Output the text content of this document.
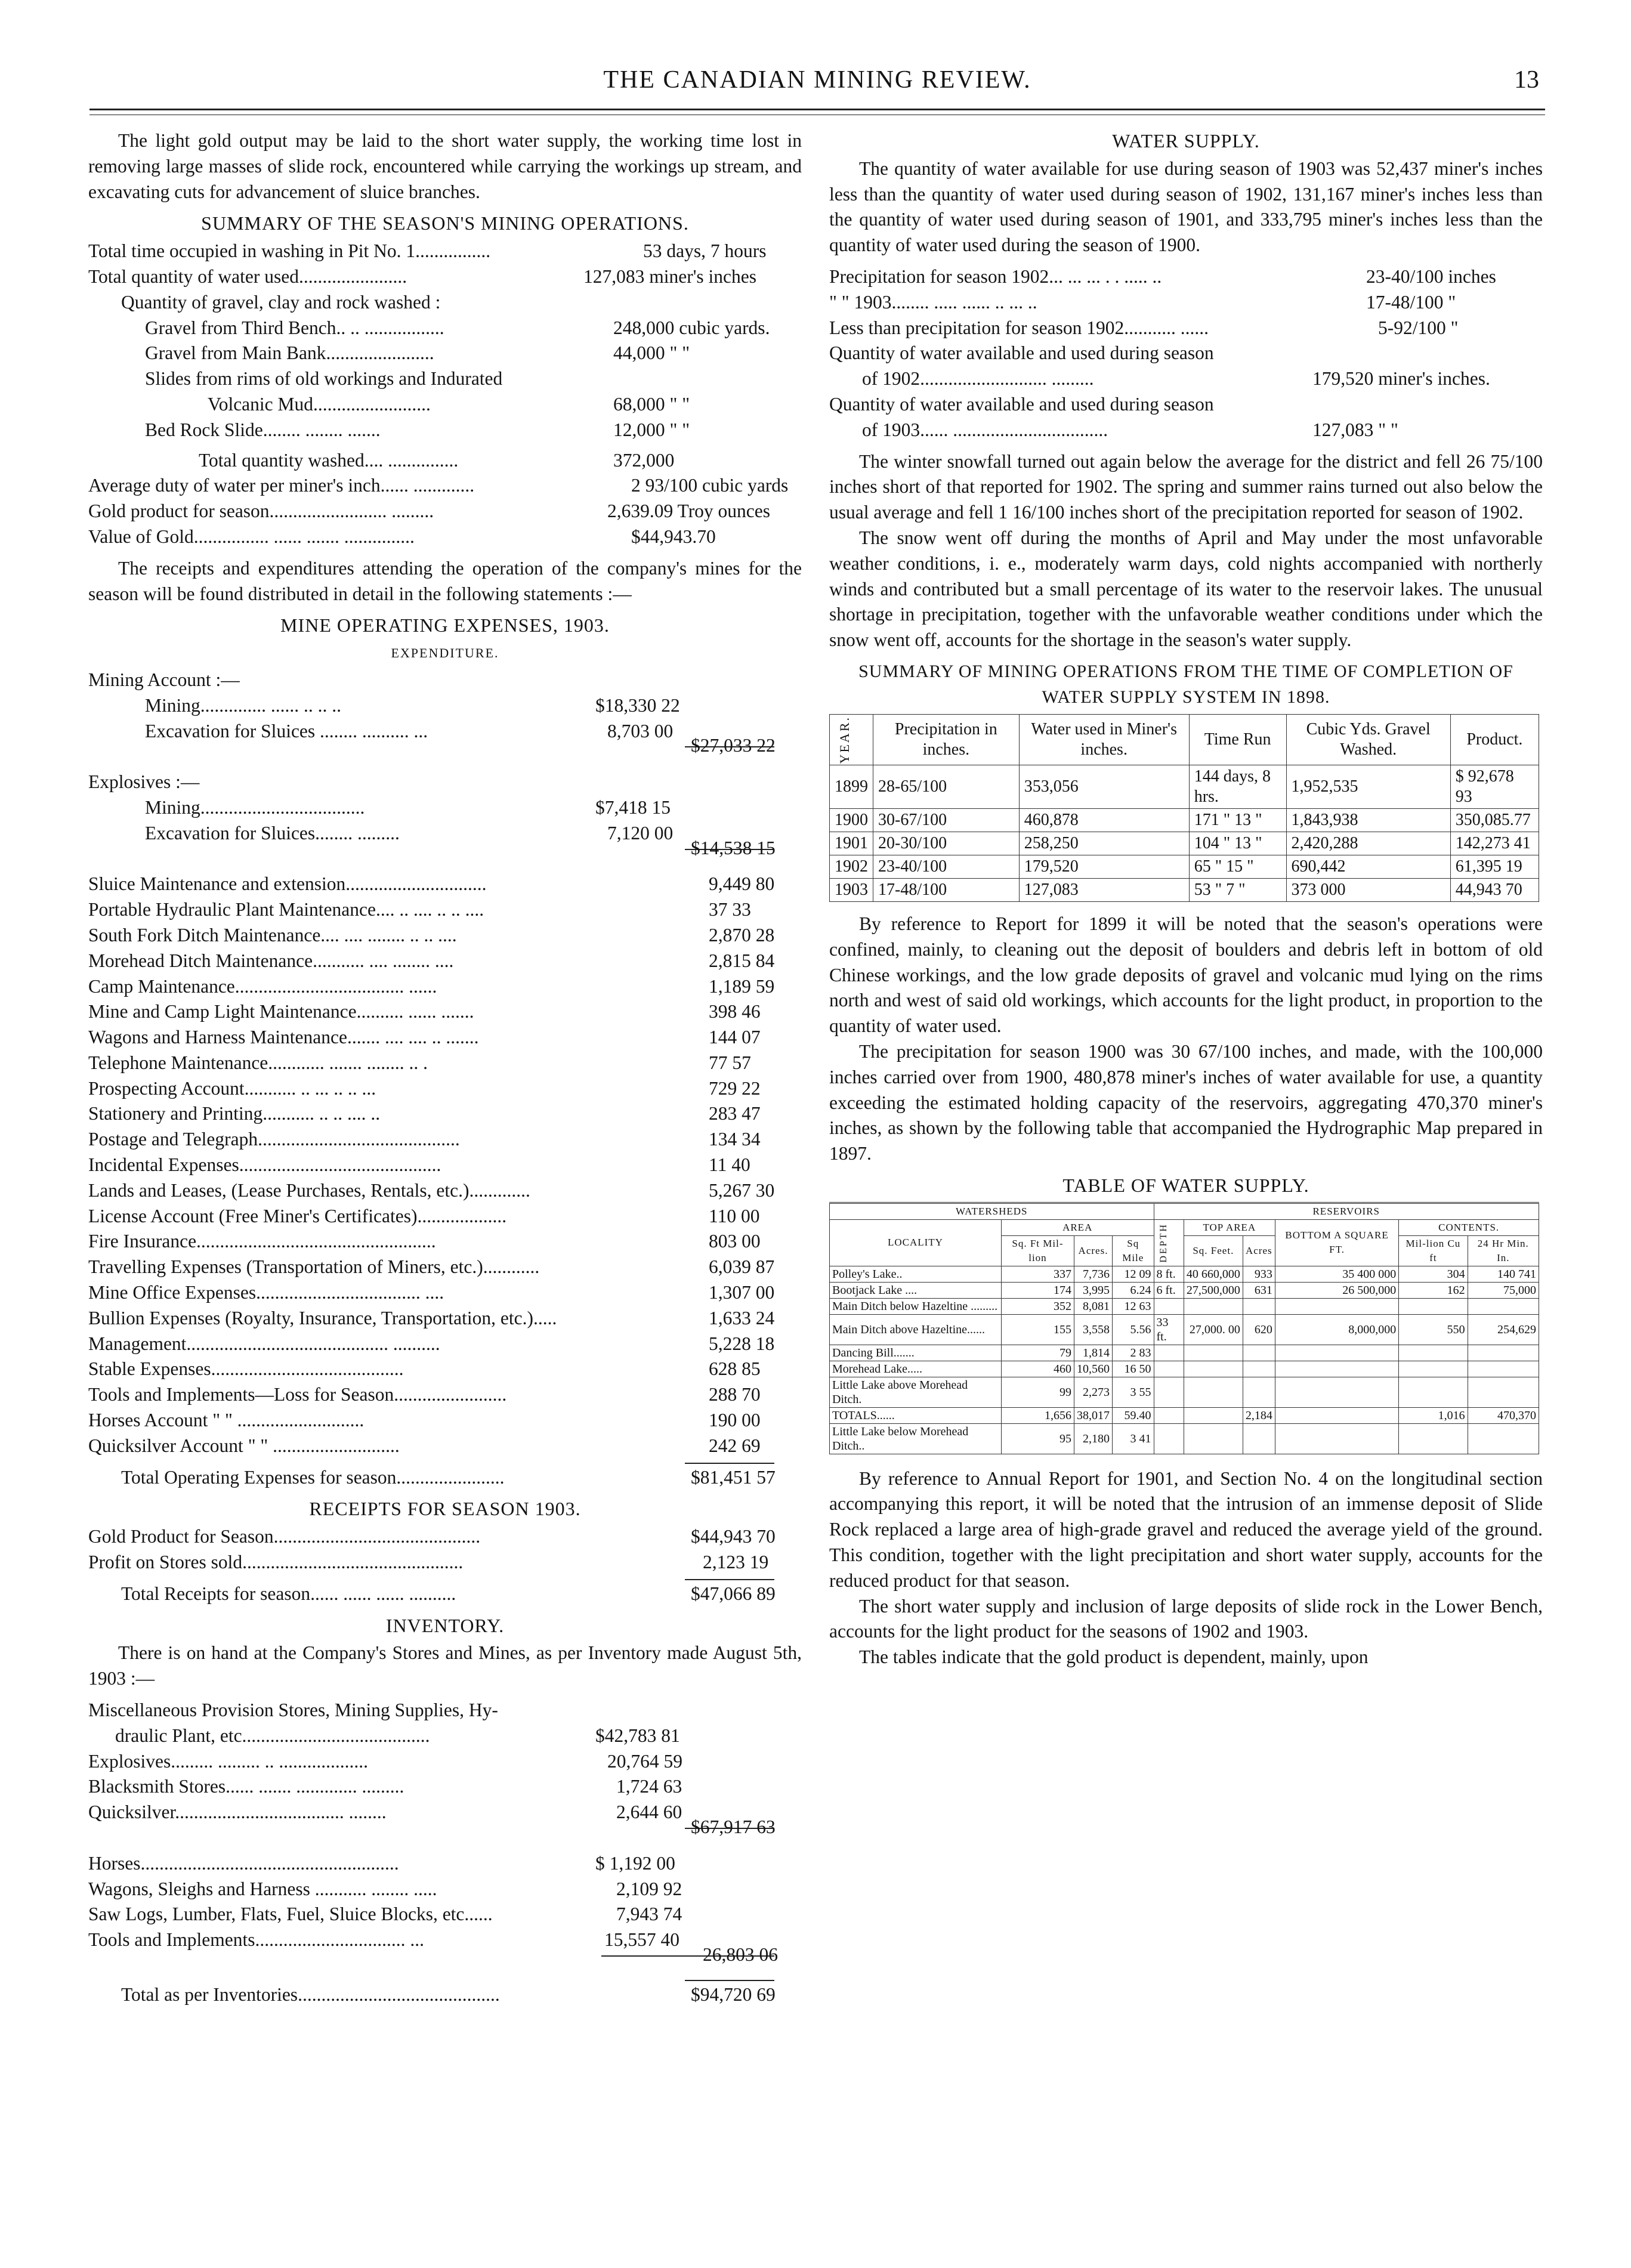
THE CANADIAN MINING REVIEW.	13

The light gold output may be laid to the short water supply, the working time lost in removing large masses of slide rock, encountered while carrying the workings up stream, and excavating cuts for advancement of sluice branches.

SUMMARY OF THE SEASON'S MINING OPERATIONS.
Total time occupied in washing in Pit No. 1................	53 days, 7 hours
Total quantity of water used.......................	127,083 miner's inches
Quantity of gravel, clay and rock washed :
Gravel from Third Bench.. .. .................	248,000 cubic yards.
Gravel from Main Bank.......................	44,000 " "
Slides from rims of old workings and Indurated
Volcanic Mud.........................	68,000 " "
Bed Rock Slide........ ........ .......	12,000 " "
Total quantity washed.... ...............	372,000
Average duty of water per miner's inch...... .............	2 93/100 cubic yards
Gold product for season......................... .........	2,639.09 Troy ounces
Value of Gold................ ...... ....... ...............	$44,943.70

The receipts and expenditures attending the operation of the company's mines for the season will be found distributed in detail in the following statements :—

MINE OPERATING EXPENSES, 1903.
EXPENDITURE.
Mining Account :—
Mining.............. ...... .. .. ..	$18,330 22
Excavation for Sluices ........ .......... ...	8,703 00
$27,033 22
Explosives :—
Mining...................................	$7,418 15
Excavation for Sluices........ .........	7,120 00
$14,538 15
Sluice Maintenance and extension..............................	9,449 80
Portable Hydraulic Plant Maintenance.... .. .... .. .. ....	37 33
South Fork Ditch Maintenance.... .... ........ .. .. ....	2,870 28
Morehead Ditch Maintenance........... .... ........ ....	2,815 84
Camp Maintenance.................................... ......	1,189 59
Mine and Camp Light Maintenance.......... ...... .......	398 46
Wagons and Harness Maintenance....... .... .... .. .......	144 07
Telephone Maintenance............ ....... ........ .. .	77 57
Prospecting Account........... .. ... .. .. ...	729 22
Stationery and Printing........... .. .. .... ..	283 47
Postage and Telegraph...........................................	134 34
Incidental Expenses...........................................	11 40
Lands and Leases, (Lease Purchases, Rentals, etc.).............	5,267 30
License Account (Free Miner's Certificates)...................	110 00
Fire Insurance...................................................	803 00
Travelling Expenses (Transportation of Miners, etc.)............	6,039 87
Mine Office Expenses................................... ....	1,307 00
Bullion Expenses (Royalty, Insurance, Transportation, etc.).....	1,633 24
Management........................................... ..........	5,228 18
Stable Expenses.........................................	628 85
Tools and Implements—Loss for Season........................	288 70
Horses Account " " ...........................	190 00
Quicksilver Account " " ...........................	242 69
Total Operating Expenses for season.......................	$81,451 57
RECEIPTS FOR SEASON 1903.
Gold Product for Season............................................	$44,943 70
Profit on Stores sold...............................................	2,123 19
Total Receipts for season...... ...... ...... ..........	$47,066 89
INVENTORY.

There is on hand at the Company's Stores and Mines, as per Inventory made August 5th, 1903 :—

Miscellaneous Provision Stores, Mining Supplies, Hy-
draulic Plant, etc........................................	$42,783 81
Explosives......... ......... .. ...................	20,764 59
Blacksmith Stores...... ....... ............. .........	1,724 63
Quicksilver.................................... ........	2,644 60
$67,917 63
Horses.......................................................	$ 1,192 00
Wagons, Sleighs and Harness ........... ........ .....	2,109 92
Saw Logs, Lumber, Flats, Fuel, Sluice Blocks, etc......	7,943 74
Tools and Implements................................ ...	15,557 40
26,803 06
Total as per Inventories...........................................	$94,720 69
WATER SUPPLY.

The quantity of water available for use during season of 1903 was 52,437 miner's inches less than the quantity of water used during season of 1902, 131,167 miner's inches less than the quantity of water used during season of 1901, and 333,795 miner's inches less than the quantity of water used during the season of 1900.

Precipitation for season 1902... ... ... . . ..... ..	23-40/100 inches
" " 1903........ ..... ...... .. ... ..	17-48/100 "
Less than precipitation for season 1902........... ......	5-92/100 "
Quantity of water available and used during season
of 1902........................... .........	179,520 miner's inches.
Quantity of water available and used during season
of 1903...... .................................	127,083 " "

The winter snowfall turned out again below the average for the district and fell 26 75/100 inches short of that reported for 1902. The spring and summer rains turned out also below the usual average and fell 1 16/100 inches short of the precipitation reported for season of 1902.

The snow went off during the months of April and May under the most unfavorable weather conditions, i. e., moderately warm days, cold nights accompanied with northerly winds and contributed but a small percentage of its water to the reservoir lakes. The unusual shortage in precipitation, together with the unfavorable weather conditions under which the snow went off, accounts for the shortage in the season's water supply.

SUMMARY OF MINING OPERATIONS FROM THE TIME OF COMPLETION OF WATER SUPPLY SYSTEM IN 1898.
YEAR.	Precipitation in inches.	Water used in Miner's inches.	Time Run	Cubic Yds. Gravel Washed.	Product.
1899	28-65/100	353,056	144 days, 8 hrs.	1,952,535	$ 92,678 93
1900	30-67/100	460,878	171 " 13 "	1,843,938	350,085.77
1901	20-30/100	258,250	104 " 13 "	2,420,288	142,273 41
1902	23-40/100	179,520	65 " 15 "	690,442	61,395 19
1903	17-48/100	127,083	53 " 7 "	373 000	44,943 70

By reference to Report for 1899 it will be noted that the season's operations were confined, mainly, to cleaning out the deposit of boulders and debris left in bottom of old Chinese workings, and the low grade deposits of gravel and volcanic mud lying on the rims north and west of said old workings, which accounts for the light product, in proportion to the quantity of water used.

The precipitation for season 1900 was 30 67/100 inches, and made, with the 100,000 inches carried over from 1900, 480,878 miner's inches of water available for use, a quantity exceeding the estimated holding capacity of the reservoirs, aggregating 470,370 miner's inches, as shown by the following table that accompanied the Hydrographic Map prepared in 1897.

TABLE OF WATER SUPPLY.
WATERSHEDS				RESERVOIRS					
LOCALITY	AREA			DEPTH	TOP AREA		BOTTOM A SQUARE FT.	CONTENTS.	
	Sq. Ft Mil-lion	Acres.	Sq Mile		Sq. Feet.	Acres		Mil-lion Cu ft	24 Hr Min. In.
Polley's Lake..	337	7,736	12 09	8 ft.	40 660,000	933	35 400 000	304	140 741
Bootjack Lake ....	174	3,995	6.24	6 ft.	27,500,000	631	26 500,000	162	75,000
Main Ditch below Hazeltine .........	352	8,081	12 63						
Main Ditch above Hazeltine......	155	3,558	5.56	33 ft.	27,000. 00	620	8,000,000	550	254,629
Dancing Bill.......	79	1,814	2 83						
Morehead Lake.....	460	10,560	16 50						
Little Lake above Morehead Ditch.	99	2,273	3 55						
TOTALS......	1,656	38,017	59.40			2,184		1,016	470,370
Little Lake below Morehead Ditch..	95	2,180	3 41						

By reference to Annual Report for 1901, and Section No. 4 on the longitudinal section accompanying this report, it will be noted that the intrusion of an immense deposit of Slide Rock replaced a large area of high-grade gravel and reduced the average yield of the ground. This condition, together with the light precipitation and short water supply, accounts for the reduced product for that season.

The short water supply and inclusion of large deposits of slide rock in the Lower Bench, accounts for the light product for the seasons of 1902 and 1903.

The tables indicate that the gold product is dependent, mainly, upon
